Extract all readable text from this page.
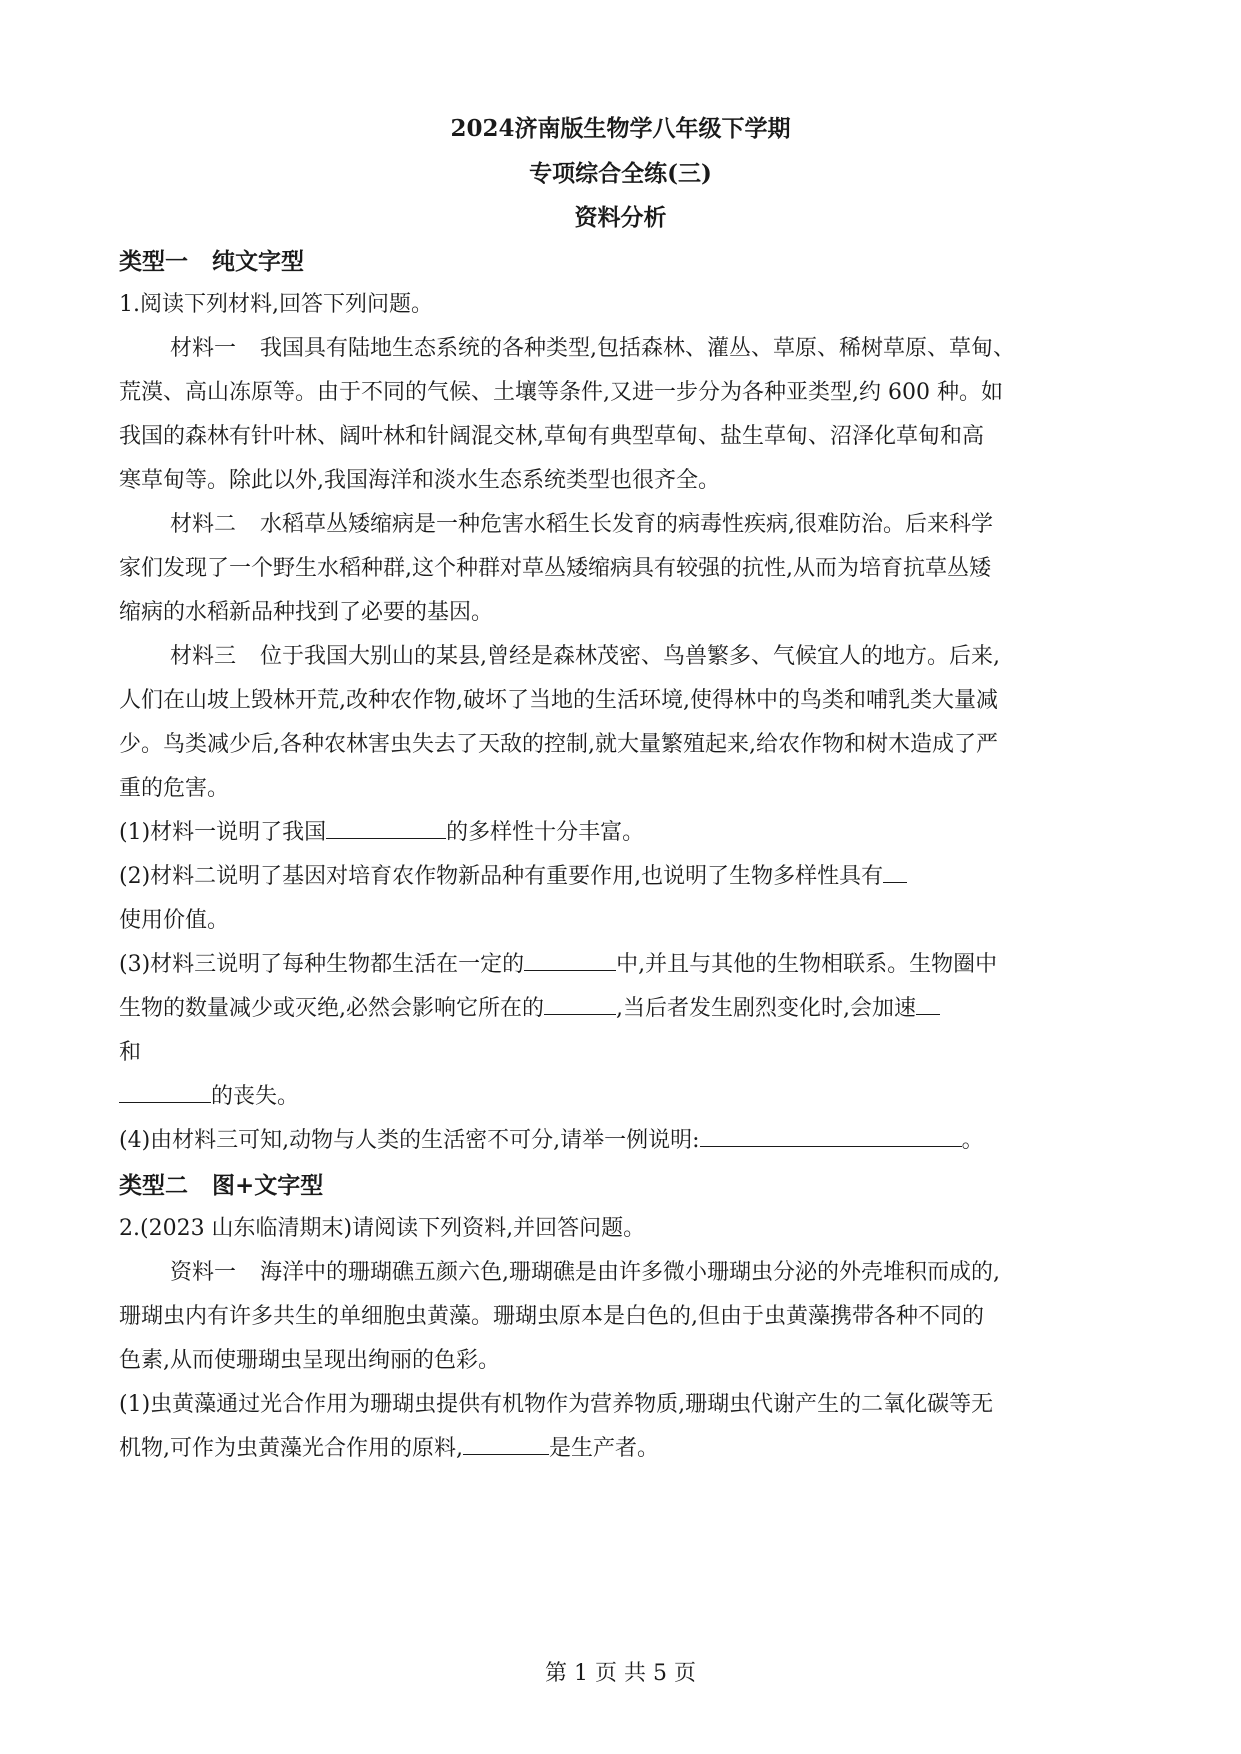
2024济南版生物学八年级下学期
专项综合全练(三)
资料分析
类型一 纯文字型
1.阅读下列材料,回答下列问题。
材料一 我国具有陆地生态系统的各种类型,包括森林、灌丛、草原、稀树草原、草甸、
荒漠、高山冻原等。由于不同的气候、土壤等条件,又进一步分为各种亚类型,约 600 种。如
我国的森林有针叶林、阔叶林和针阔混交林,草甸有典型草甸、盐生草甸、沼泽化草甸和高
寒草甸等。除此以外,我国海洋和淡水生态系统类型也很齐全。
材料二 水稻草丛矮缩病是一种危害水稻生长发育的病毒性疾病,很难防治。后来科学
家们发现了一个野生水稻种群,这个种群对草丛矮缩病具有较强的抗性,从而为培育抗草丛矮
缩病的水稻新品种找到了必要的基因。
材料三 位于我国大别山的某县,曾经是森林茂密、鸟兽繁多、气候宜人的地方。后来,
人们在山坡上毁林开荒,改种农作物,破坏了当地的生活环境,使得林中的鸟类和哺乳类大量减
少。鸟类减少后,各种农林害虫失去了天敌的控制,就大量繁殖起来,给农作物和树木造成了严
重的危害。
(1)材料一说明了我国	的多样性十分丰富。
(2)材料二说明了基因对培育农作物新品种有重要作用,也说明了生物多样性具有
使用价值。
(3)材料三说明了每种生物都生活在一定的	中,并且与其他的生物相联系。生物圈中
生物的数量减少或灭绝,必然会影响它所在的	,当后者发生剧烈变化时,会加速
和
的丧失。
(4)由材料三可知,动物与人类的生活密不可分,请举一例说明:	。
类型二 图+文字型
2.(2023 山东临清期末)请阅读下列资料,并回答问题。
资料一 海洋中的珊瑚礁五颜六色,珊瑚礁是由许多微小珊瑚虫分泌的外壳堆积而成的,
珊瑚虫内有许多共生的单细胞虫黄藻。珊瑚虫原本是白色的,但由于虫黄藻携带各种不同的
色素,从而使珊瑚虫呈现出绚丽的色彩。
(1)虫黄藻通过光合作用为珊瑚虫提供有机物作为营养物质,珊瑚虫代谢产生的二氧化碳等无
机物,可作为虫黄藻光合作用的原料,	是生产者。
第 1 页 共 5 页
